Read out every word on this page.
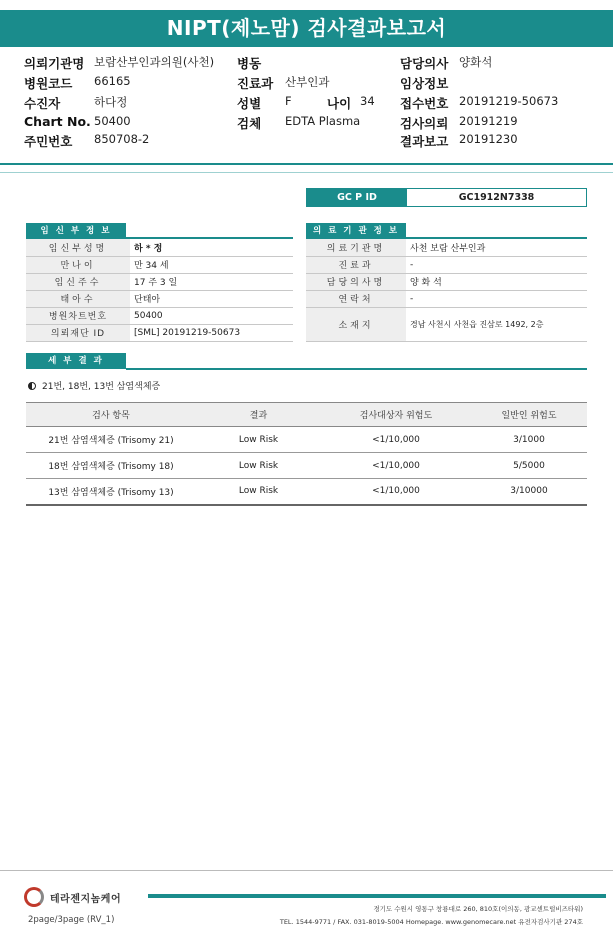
NIPT(제노맘) 검사결과보고서
의뢰기관명 보람산부인과의원(사천) 병동	담당의사 양화석
병원코드 66165	진료과 산부인과	임상정보
수진자	하다정	성별 F	나이 34 접수번호 20191219-50673
Chart No. 50400	검체 EDTA Plasma	검사의뢰 20191219
주민번호 850708-2	결과보고 20191230
GC P ID	GC1912N7338
임 신 부 정 보
임신부성명	하 * 정
만나이	만 34 세
임신주수	17 주 3 일
태아수	단태아
병원차트번호	50400
의뢰재단 ID	[SML] 20191219-50673
의 료 기 관 정 보
의료기관명	사천 보람 산부인과
진료과	-
담당의사명	양 화 석
연락처	-
소재지	경남 사천시 사천읍 진삼로 1492, 2층
세 부 결 과
21번, 18번, 13번 삼염색체증
검사 항목	결과	검사대상자 위험도	일반인 위험도
21번 삼염색체증 (Trisomy 21)	Low Risk	<1/10,000	3/1000
18번 삼염색체증 (Trisomy 18)	Low Risk	<1/10,000	5/5000
13번 삼염색체증 (Trisomy 13)	Low Risk	<1/10,000	3/10000
테라젠지놈케어
경기도 수원시 영통구 창룡대로 260, 810호(이의동, 광교센트럴비즈타워)
TEL. 1544-9771 / FAX. 031-8019-5004 Homepage. www.genomecare.net 유전자검사기관 274호
2page/3page (RV_1)
